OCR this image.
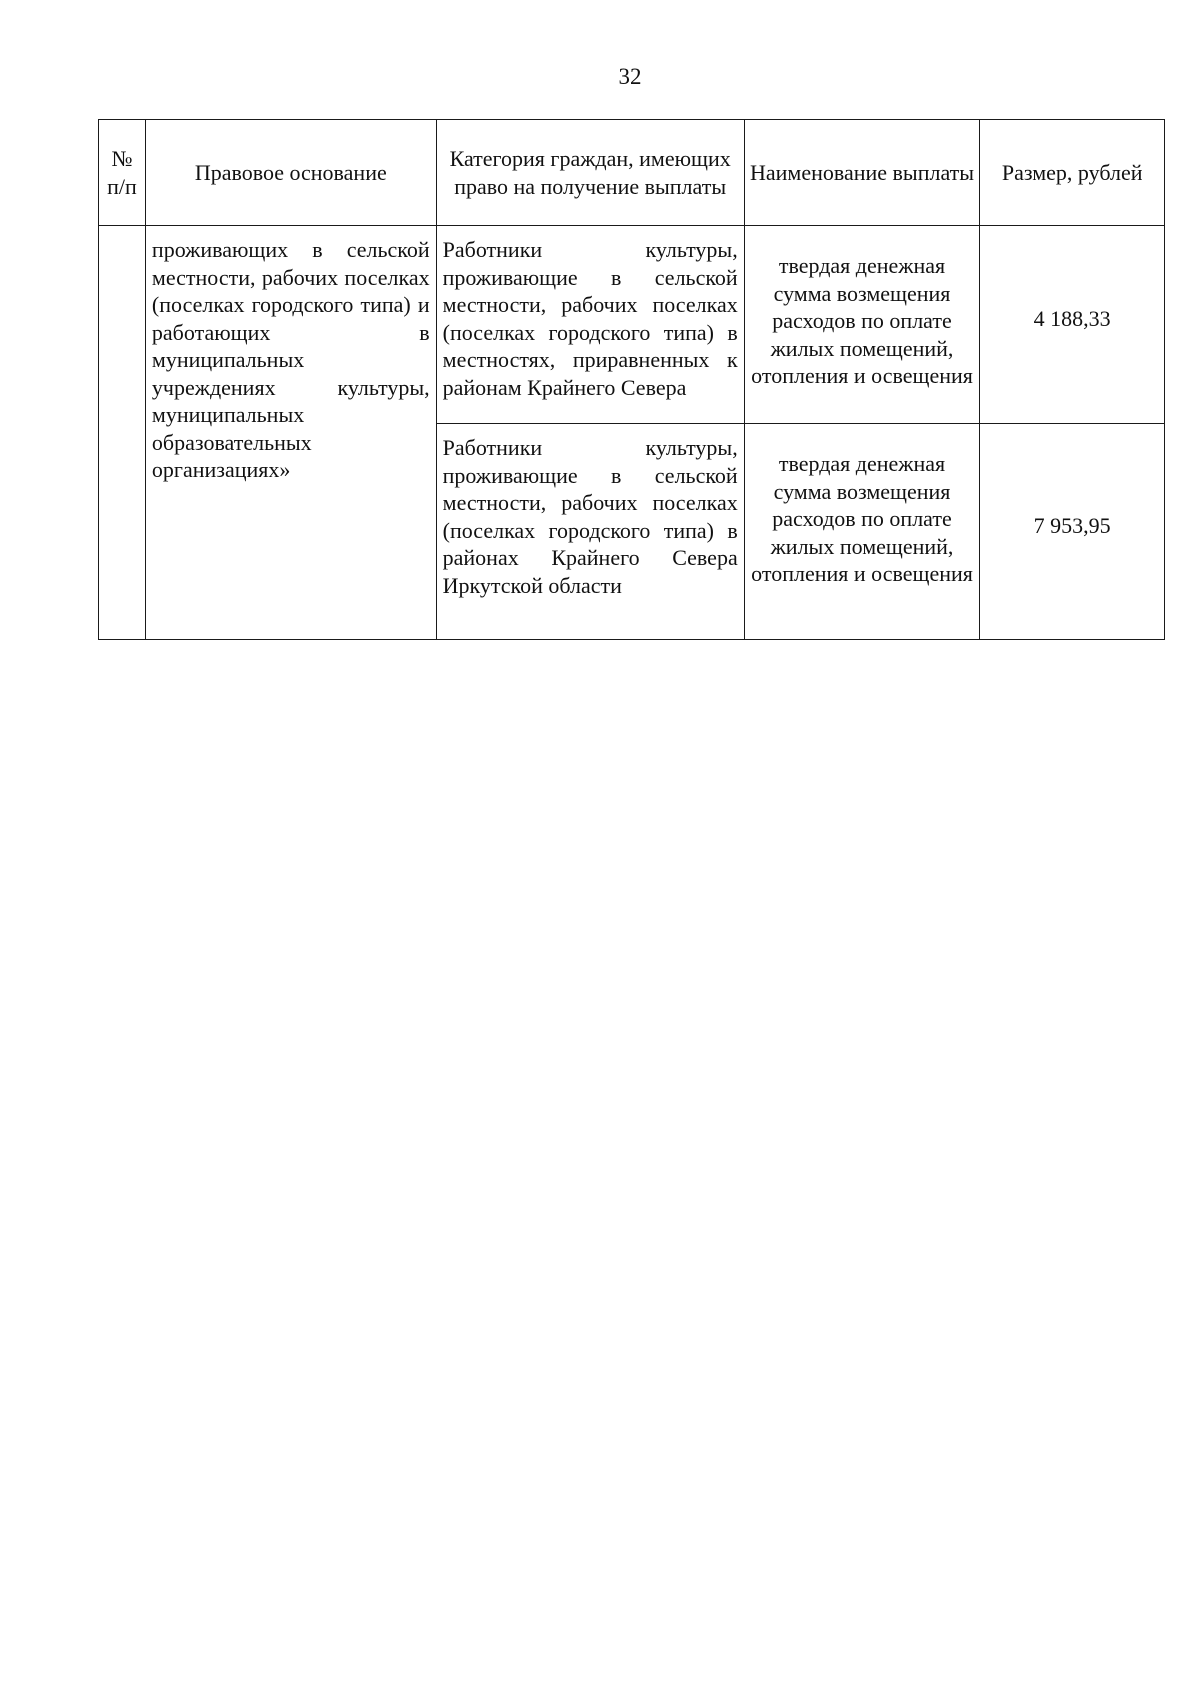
32
№ п/п	Правовое основание	Категория граждан, имеющих право на получение выплаты	Наименование выплаты	Размер, рублей
	проживающих в сельской местности, рабочих поселках (поселках городского типа) и работающих в муниципальных учреждениях культуры, муниципальных образовательных организациях»	Работники культуры, проживающие в сельской местности, рабочих поселках (поселках городского типа) в местностях, приравненных к районам Крайнего Севера	твердая денежная сумма возмещения расходов по оплате жилых помещений, отопления и освещения	4 188,33
		Работники культуры, проживающие в сельской местности, рабочих поселках (поселках городского типа) в районах Крайнего Севера Иркутской области	твердая денежная сумма возмещения расходов по оплате жилых помещений, отопления и освещения	7 953,95
